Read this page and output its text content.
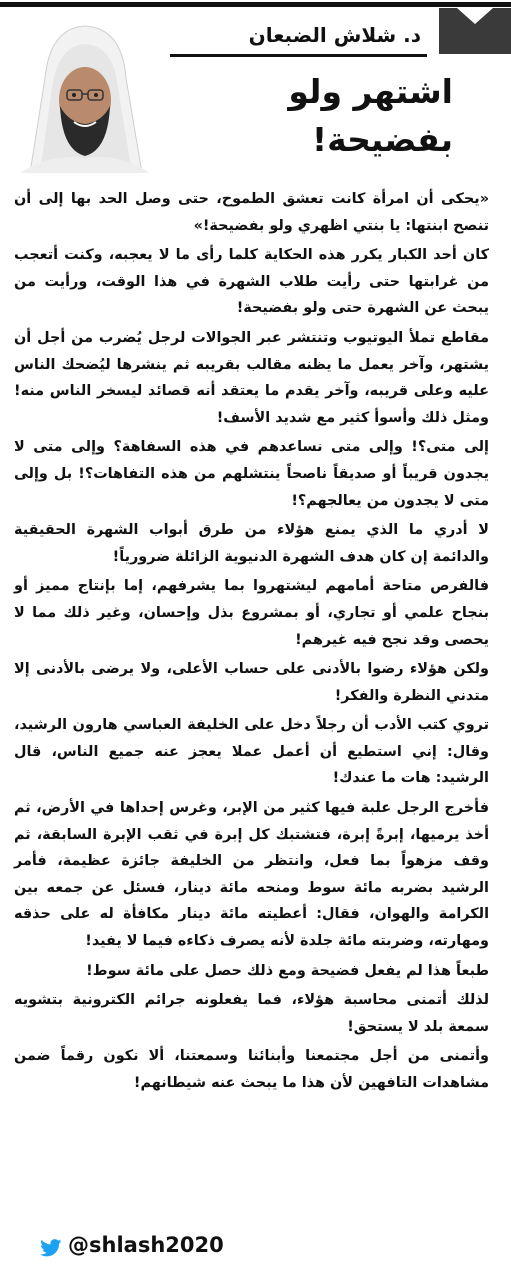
د. شلاش الضبعان
اشتهر ولو
بفضيحة!

«يحكى أن امرأة كانت تعشق الطموح، حتى وصل الحد بها إلى أن تنصح ابنتها: يا بنتي اظهري ولو بفضيحة!»

كان أحد الكبار يكرر هذه الحكاية كلما رأى ما لا يعجبه، وكنت أتعجب من غرابتها حتى رأيت طلاب الشهرة في هذا الوقت، ورأيت من يبحث عن الشهرة حتى ولو بفضيحة!

مقاطع تملأ اليوتيوب وتنتشر عبر الجوالات لرجل يُضرب من أجل أن يشتهر، وآخر يعمل ما يظنه مقالب بقريبه ثم ينشرها ليُضحك الناس عليه وعلى قريبه، وآخر يقدم ما يعتقد أنه قصائد ليسخر الناس منه! ومثل ذلك وأسوأ كثير مع شديد الأسف!

إلى متى؟! وإلى متى نساعدهم في هذه السفاهة؟ وإلى متى لا يجدون قريباً أو صديقاً ناصحاً ينتشلهم من هذه التفاهات؟! بل وإلى متى لا يجدون من يعالجهم؟!

لا أدري ما الذي يمنع هؤلاء من طرق أبواب الشهرة الحقيقية والدائمة إن كان هدف الشهرة الدنيوية الزائلة ضرورياً!

فالفرص متاحة أمامهم ليشتهروا بما يشرفهم، إما بإنتاج مميز أو بنجاح علمي أو تجاري، أو بمشروع بذل وإحسان، وغير ذلك مما لا يحصى وقد نجح فيه غيرهم!

ولكن هؤلاء رضوا بالأدنى على حساب الأعلى، ولا يرضى بالأدنى إلا متدني النظرة والفكر!

تروي كتب الأدب أن رجلاً دخل على الخليفة العباسي هارون الرشيد، وقال: إني استطيع أن أعمل عملا يعجز عنه جميع الناس، قال الرشيد: هات ما عندك!

فأخرج الرجل علبة فيها كثير من الإبر، وغرس إحداها في الأرض، ثم أخذ يرميها، إبرةً إبرة، فتشتبك كل إبرة في ثقب الإبرة السابقة، ثم وقف مزهواً بما فعل، وانتظر من الخليفة جائزة عظيمة، فأمر الرشيد بضربه مائة سوط ومنحه مائة دينار، فسئل عن جمعه بين الكرامة والهوان، فقال: أعطيته مائة دينار مكافأة له على حذقه ومهارته، وضربته مائة جلدة لأنه يصرف ذكاءه فيما لا يفيد!

طبعاً هذا لم يفعل فضيحة ومع ذلك حصل على مائة سوط!

لذلك أتمنى محاسبة هؤلاء، فما يفعلونه جرائم الكترونية بتشويه سمعة بلد لا يستحق!

وأتمنى من أجل مجتمعنا وأبنائنا وسمعتنا، ألا نكون رقماً ضمن مشاهدات التافهين لأن هذا ما يبحث عنه شيطانهم!

@shlash2020
